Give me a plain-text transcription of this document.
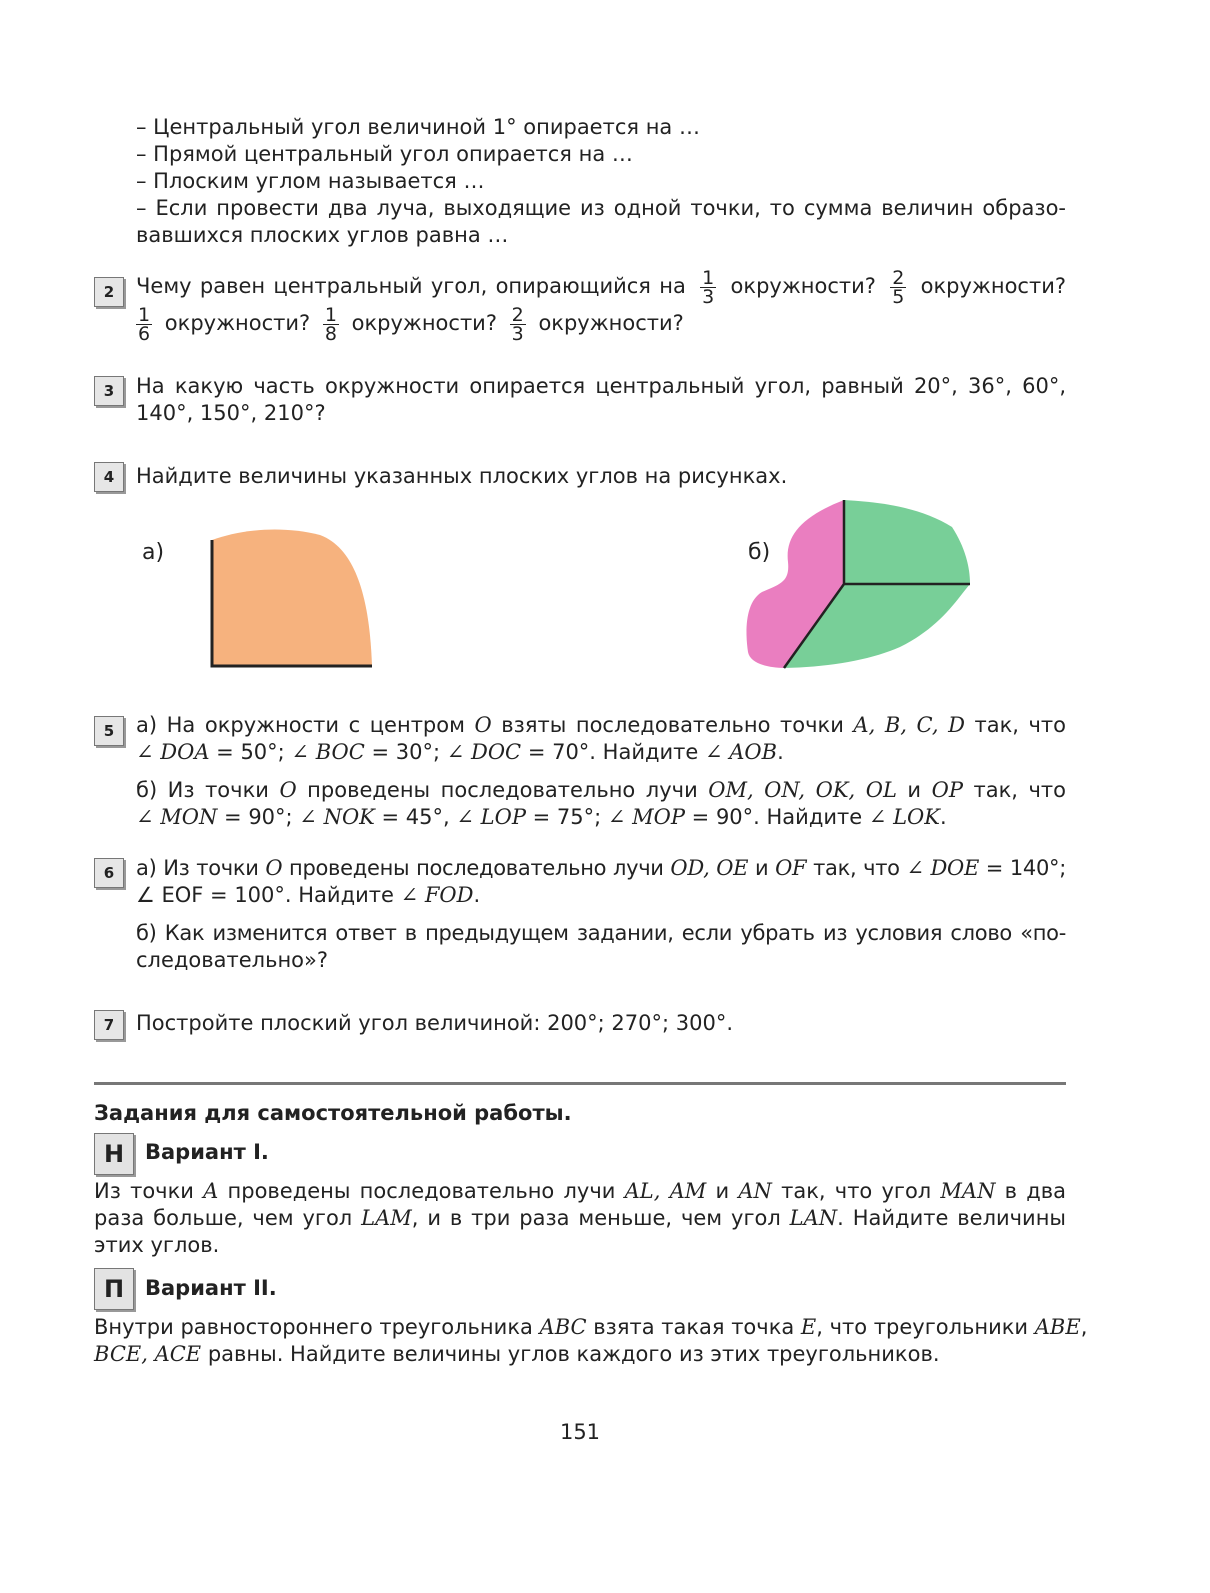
– Центральный угол величиной 1° опирается на …
– Прямой центральный угол опирается на …
– Плоским углом называется …
– Если провести два луча, выходящие из одной точки, то сумма величин образо-
вавшихся плоских углов равна …
2	Чему равен центральный угол, опирающийся на $\frac{1}{3}$ окружности? $\frac{2}{5}$ окружности?
$\frac{1}{6}$ окружности? $\frac{1}{8}$ окружности? $\frac{2}{3}$ окружности?
3	На какую часть окружности опирается центральный угол, равный 20°, 36°, 60°,
140°, 150°, 210°?
4	Найдите величины указанных плоских углов на рисунках.
а)	б)
5	а) На окружности с центром O взяты последовательно точки A, B, C, D так, что
∠ DOA = 50°; ∠ BOC = 30°; ∠ DOC = 70°. Найдите ∠ AOB.
б) Из точки O проведены последовательно лучи OM, ON, OK, OL и OP так, что
∠ MON = 90°; ∠ NOK = 45°, ∠ LOP = 75°; ∠ MOP = 90°. Найдите ∠ LOK.
6	а) Из точки O проведены последовательно лучи OD, OE и OF так, что ∠ DOE = 140°;
∠ EOF = 100°. Найдите ∠ FOD.
б) Как изменится ответ в предыдущем задании, если убрать из условия слово «по-
следовательно»?
7	Постройте плоский угол величиной: 200°; 270°; 300°.
Задания для самостоятельной работы.
Н Вариант I.
Из точки A проведены последовательно лучи AL, AM и AN так, что угол MAN в два
раза больше, чем угол LAM, и в три раза меньше, чем угол LAN. Найдите величины
этих углов.
П Вариант II.
Внутри равностороннего треугольника ABC взята такая точка E, что треугольники ABE,
BCE, ACE равны. Найдите величины углов каждого из этих треугольников.
151
